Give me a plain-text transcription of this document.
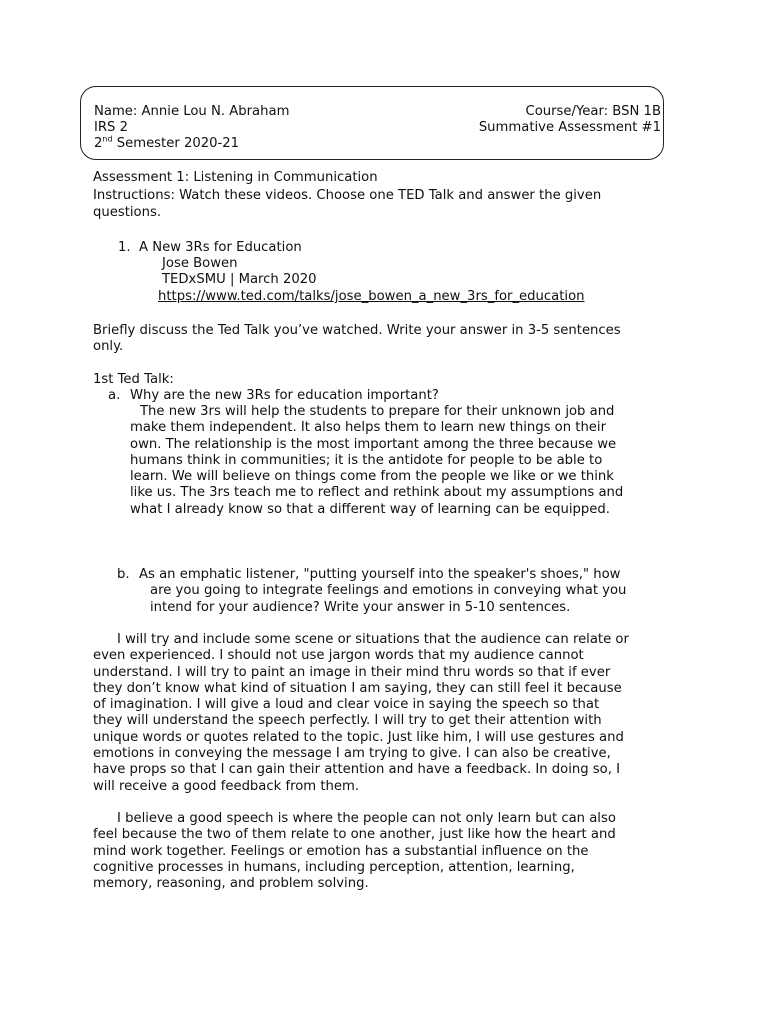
Name: Annie Lou N. Abraham	Course/Year: BSN 1B
IRS 2	Summative Assessment #1
2nd Semester 2020-21
Assessment 1: Listening in Communication
Instructions: Watch these videos. Choose one TED Talk and answer the given
questions.
1. A New 3Rs for Education
Jose Bowen
TEDxSMU | March 2020
https://www.ted.com/talks/jose_bowen_a_new_3rs_for_education
Briefly discuss the Ted Talk you’ve watched. Write your answer in 3-5 sentences
only.
1st Ted Talk:
a. Why are the new 3Rs for education important?
The new 3rs will help the students to prepare for their unknown job and
make them independent. It also helps them to learn new things on their
own. The relationship is the most important among the three because we
humans think in communities; it is the antidote for people to be able to
learn. We will believe on things come from the people we like or we think
like us. The 3rs teach me to reflect and rethink about my assumptions and
what I already know so that a different way of learning can be equipped.
b. As an emphatic listener, "putting yourself into the speaker's shoes," how
are you going to integrate feelings and emotions in conveying what you
intend for your audience? Write your answer in 5-10 sentences.
I will try and include some scene or situations that the audience can relate or
even experienced. I should not use jargon words that my audience cannot
understand. I will try to paint an image in their mind thru words so that if ever
they don’t know what kind of situation I am saying, they can still feel it because
of imagination. I will give a loud and clear voice in saying the speech so that
they will understand the speech perfectly. I will try to get their attention with
unique words or quotes related to the topic. Just like him, I will use gestures and
emotions in conveying the message I am trying to give. I can also be creative,
have props so that I can gain their attention and have a feedback. In doing so, I
will receive a good feedback from them.
I believe a good speech is where the people can not only learn but can also
feel because the two of them relate to one another, just like how the heart and
mind work together. Feelings or emotion has a substantial influence on the
cognitive processes in humans, including perception, attention, learning,
memory, reasoning, and problem solving.
